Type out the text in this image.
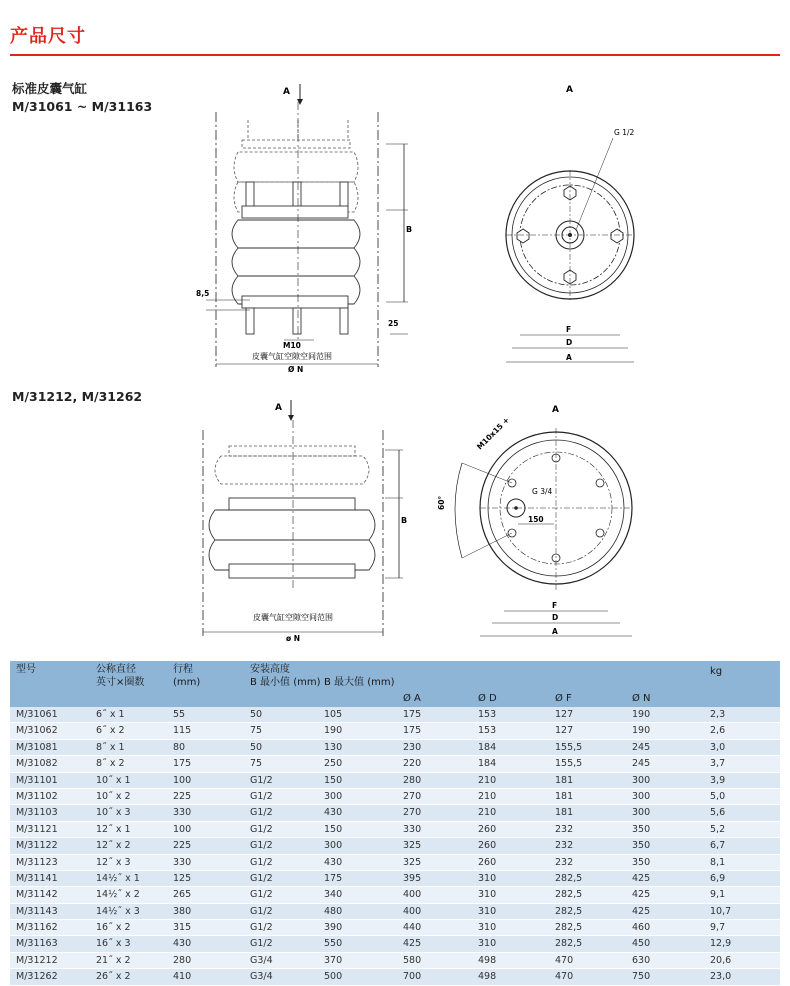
产品尺寸
标准皮囊气缸
M/31061 ~ M/31163
A
B
25
8,5
M10
皮囊气缸空隙空间范围
Ø N
A
G 1/2
F
D
A
M/31212, M/31262
A
B
皮囊气缸空隙空间范围
ø N
A
G 3/4
150
M10x15 +
60°
F
D
A
型号	公称直径
英寸×圈数
行程
(mm)
安装高度
B 最小值 (mm) B 最大值 (mm)
kg
Ø A	Ø D	Ø F	Ø N
M/31061	6˝ x 1	55	50	105	175	153	127	190	2,3
M/31062	6˝ x 2	115	75	190	175	153	127	190	2,6
M/31081	8˝ x 1	80	50	130	230	184	155,5	245	3,0
M/31082	8˝ x 2	175	75	250	220	184	155,5	245	3,7
M/31101	10˝ x 1	100	G1/2	150	280	210	181	300	3,9
M/31102	10˝ x 2	225	G1/2	300	270	210	181	300	5,0
M/31103	10˝ x 3	330	G1/2	430	270	210	181	300	5,6
M/31121	12˝ x 1	100	G1/2	150	330	260	232	350	5,2
M/31122	12˝ x 2	225	G1/2	300	325	260	232	350	6,7
M/31123	12˝ x 3	330	G1/2	430	325	260	232	350	8,1
M/31141	14½˝ x 1	125	G1/2	175	395	310	282,5	425	6,9
M/31142	14½˝ x 2	265	G1/2	340	400	310	282,5	425	9,1
M/31143	14½˝ x 3	380	G1/2	480	400	310	282,5	425	10,7
M/31162	16˝ x 2	315	G1/2	390	440	310	282,5	460	9,7
M/31163	16˝ x 3	430	G1/2	550	425	310	282,5	450	12,9
M/31212	21˝ x 2	280	G3/4	370	580	498	470	630	20,6
M/31262	26˝ x 2	410	G3/4	500	700	498	470	750	23,0
